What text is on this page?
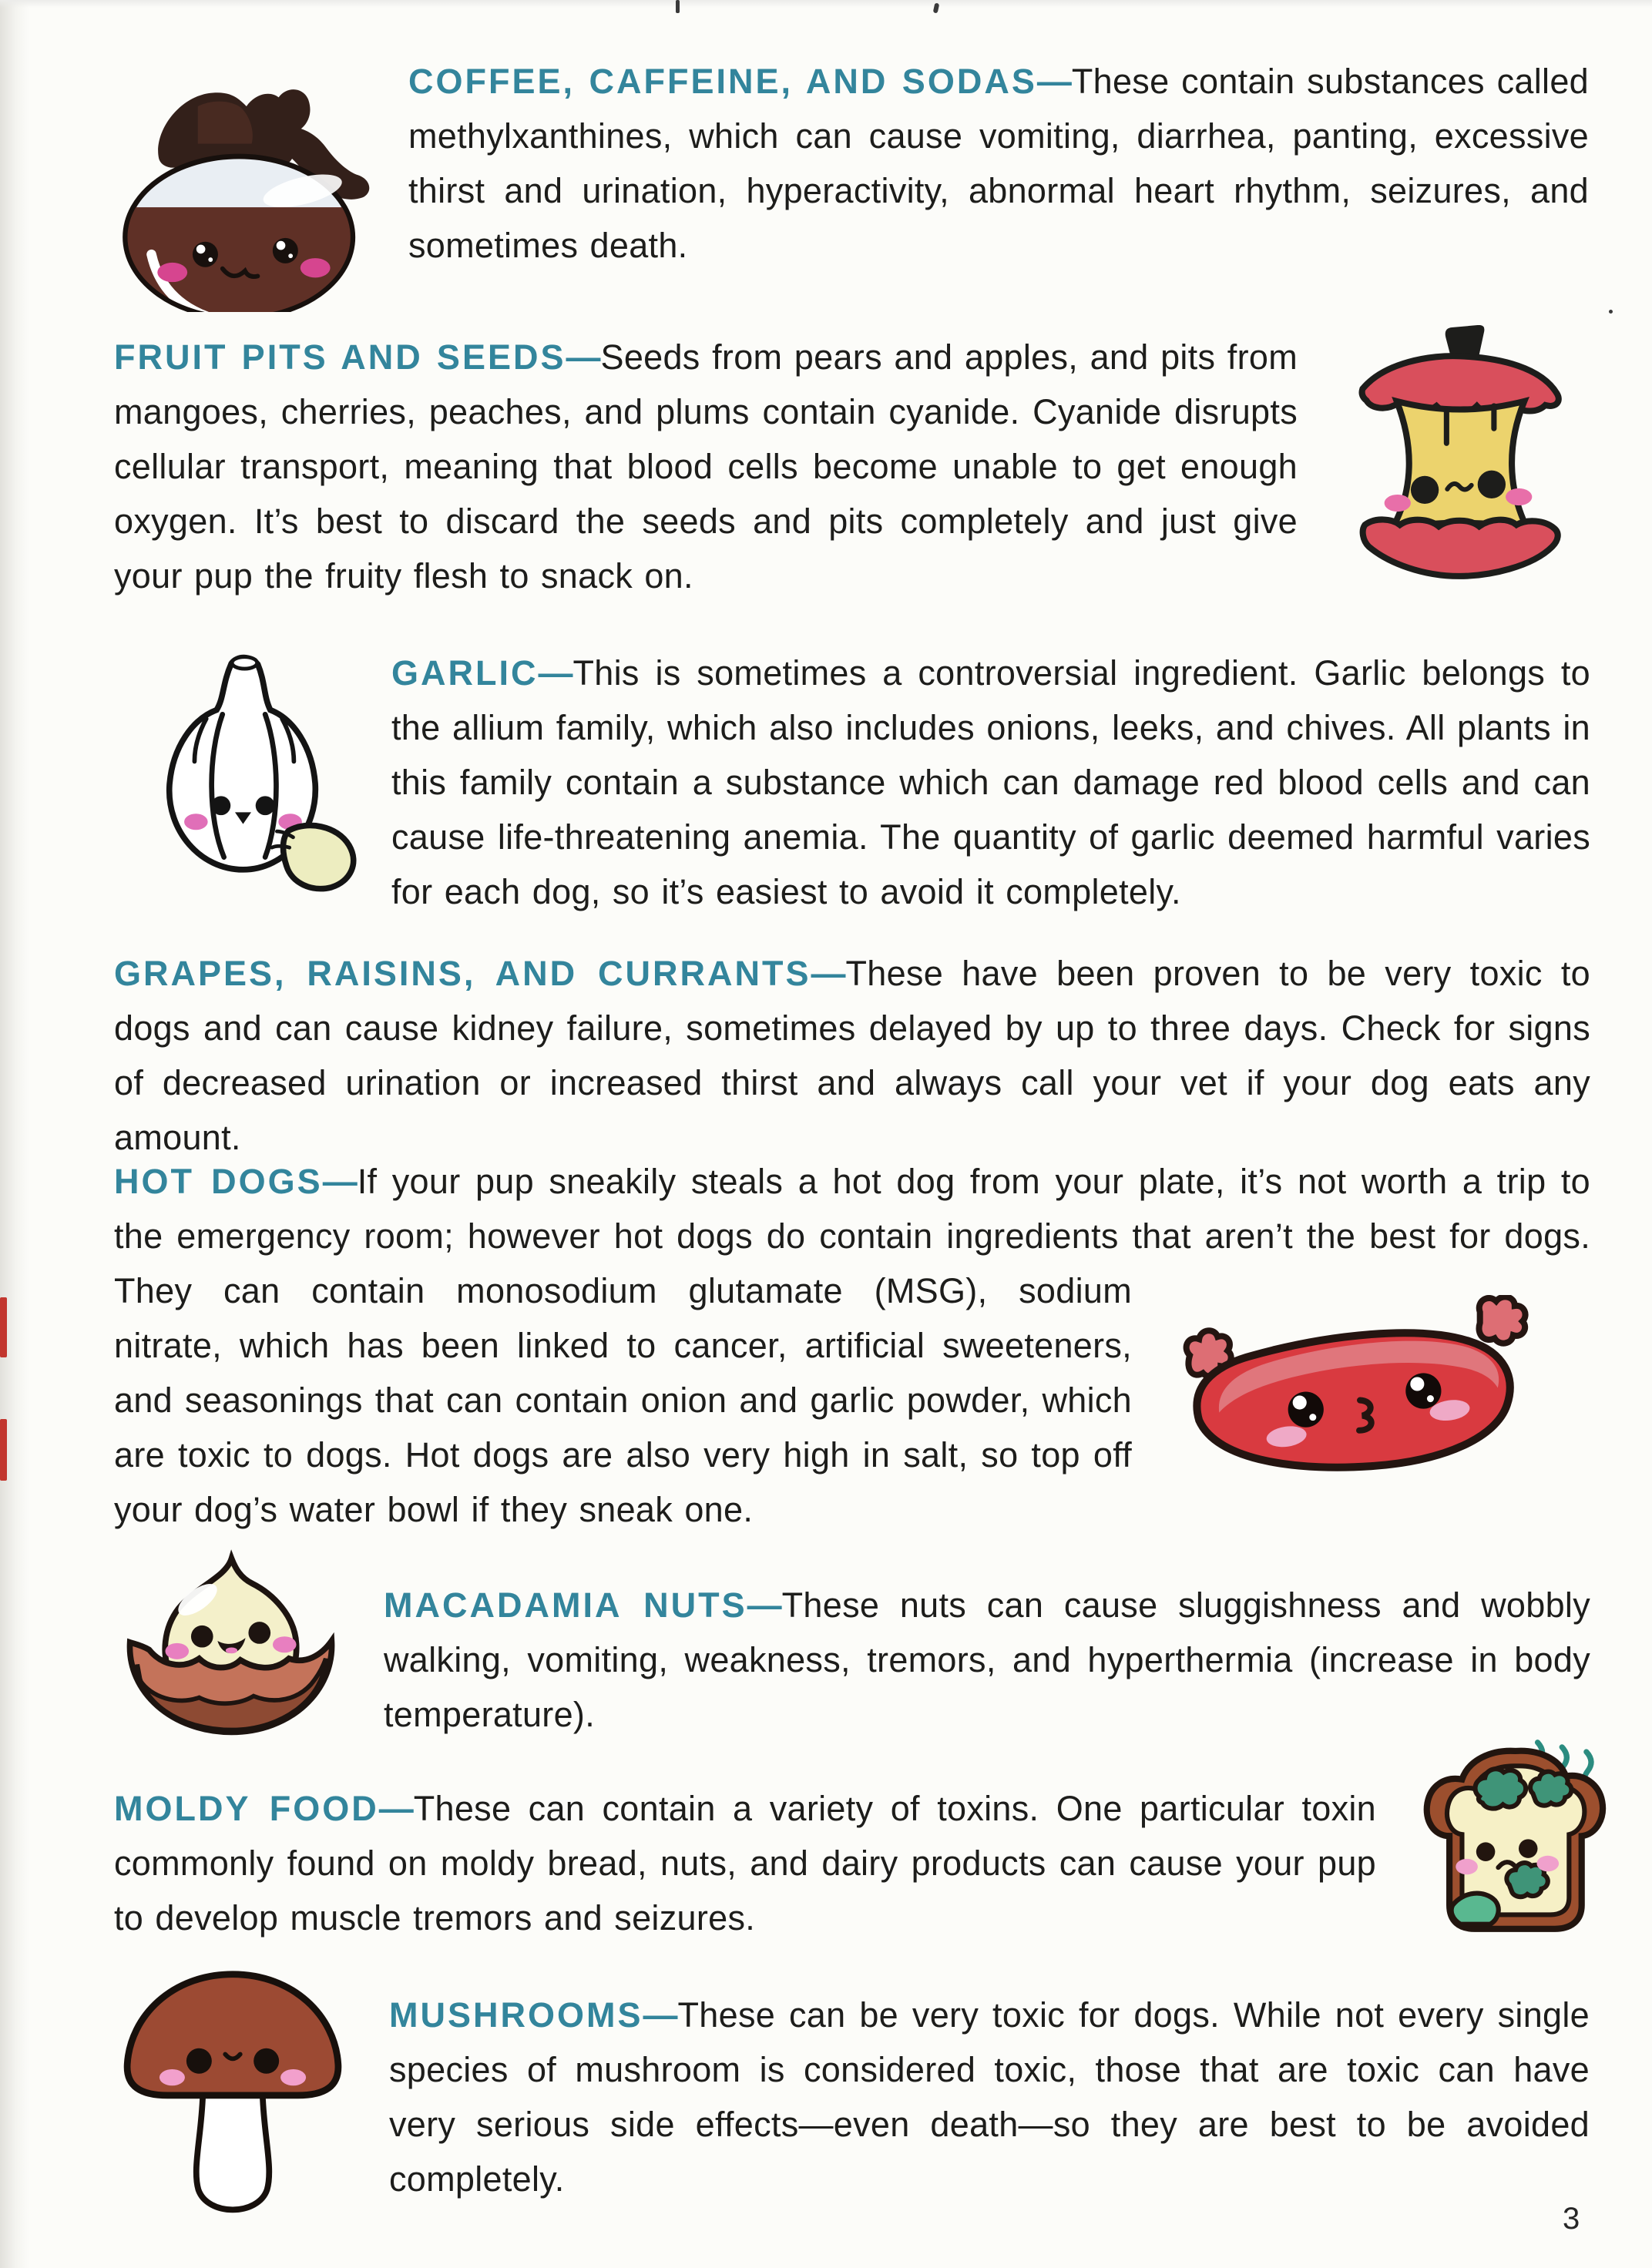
COFFEE, CAFFEINE, AND SODAS—These contain substances called methylxanthines, which can cause vomiting, diarrhea, panting, excessive thirst and urination, hyperactivity, abnormal heart rhythm, seizures, and sometimes death.

FRUIT PITS AND SEEDS—Seeds from pears and apples, and pits from mangoes, cherries, peaches, and plums contain cyanide. Cyanide disrupts cellular transport, meaning that blood cells become unable to get enough oxygen. It’s best to discard the seeds and pits completely and just give your pup the fruity flesh to snack on.

GARLIC—This is sometimes a controversial ingredient. Garlic belongs to the allium family, which also includes onions, leeks, and chives. All plants in this family contain a substance which can damage red blood cells and can cause life-threatening anemia. The quantity of garlic deemed harmful varies for each dog, so it’s easiest to avoid it completely.

GRAPES, RAISINS, AND CURRANTS—These have been proven to be very toxic to dogs and can cause kidney failure, sometimes delayed by up to three days. Check for signs of decreased urination or increased thirst and always call your vet if your dog eats any amount.

HOT DOGS—If your pup sneakily steals a hot dog from your plate, it’s not worth a trip to the emergency room; however hot dogs do contain ingredients that aren’t the best for dogs. They can contain monosodium glutamate (MSG), sodium nitrate, which has been linked to cancer, artificial sweeteners, and seasonings that can contain onion and garlic powder, which are toxic to dogs. Hot dogs are also very high in salt, so top off your dog’s water bowl if they sneak one.

MACADAMIA NUTS—These nuts can cause sluggishness and wobbly walking, vomiting, weakness, tremors, and hyperthermia (increase in body temperature).

MOLDY FOOD—These can contain a variety of toxins. One particular toxin commonly found on moldy bread, nuts, and dairy products can cause your pup to develop muscle tremors and seizures.

MUSHROOMS—These can be very toxic for dogs. While not every single species of mushroom is considered toxic, those that are toxic can have very serious side effects—even death—so they are best to be avoided completely.

3
